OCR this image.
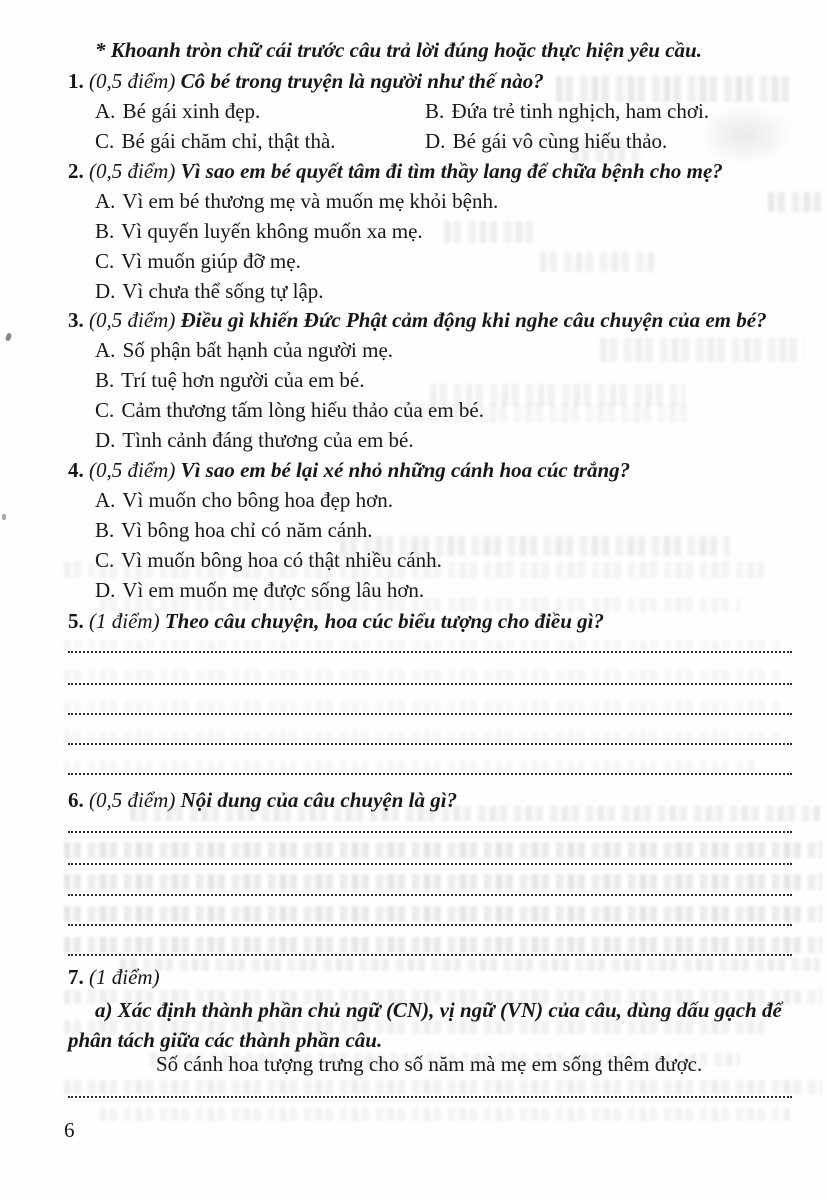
* Khoanh tròn chữ cái trước câu trả lời đúng hoặc thực hiện yêu cầu.
1. (0,5 điểm) Cô bé trong truyện là người như thế nào?
A. Bé gái xinh đẹp.	B. Đứa trẻ tinh nghịch, ham chơi.
C. Bé gái chăm chỉ, thật thà.	D. Bé gái vô cùng hiếu thảo.
2. (0,5 điểm) Vì sao em bé quyết tâm đi tìm thầy lang để chữa bệnh cho mẹ?
A. Vì em bé thương mẹ và muốn mẹ khỏi bệnh.
B. Vì quyến luyến không muốn xa mẹ.
C. Vì muốn giúp đỡ mẹ.
D. Vì chưa thể sống tự lập.
3. (0,5 điểm) Điều gì khiến Đức Phật cảm động khi nghe câu chuyện của em bé?
A. Số phận bất hạnh của người mẹ.
B. Trí tuệ hơn người của em bé.
C. Cảm thương tấm lòng hiếu thảo của em bé.
D. Tình cảnh đáng thương của em bé.
4. (0,5 điểm) Vì sao em bé lại xé nhỏ những cánh hoa cúc trắng?
A. Vì muốn cho bông hoa đẹp hơn.
B. Vì bông hoa chỉ có năm cánh.
C. Vì muốn bông hoa có thật nhiều cánh.
D. Vì em muốn mẹ được sống lâu hơn.
5. (1 điểm) Theo câu chuyện, hoa cúc biểu tượng cho điều gì?
6. (0,5 điểm) Nội dung của câu chuyện là gì?
7. (1 điểm)
a) Xác định thành phần chủ ngữ (CN), vị ngữ (VN) của câu, dùng dấu gạch để phân tách giữa các thành phần câu.
Số cánh hoa tượng trưng cho số năm mà mẹ em sống thêm được.
6
